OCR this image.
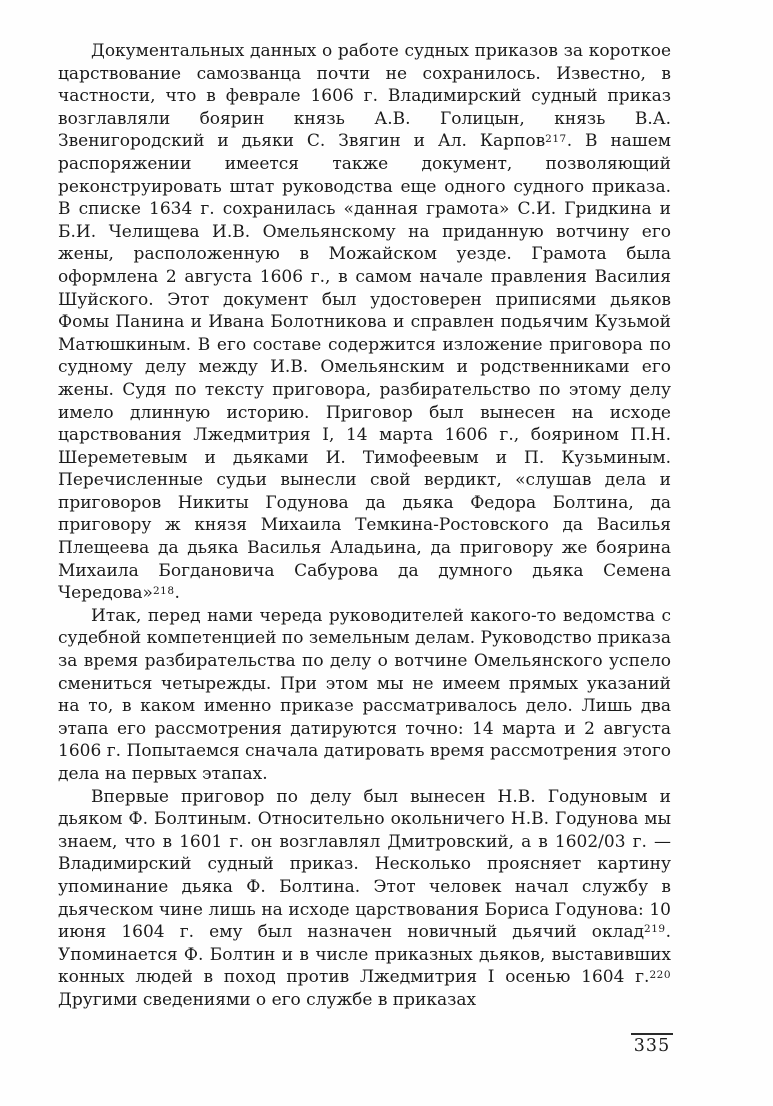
Документальных данных о работе судных приказов за короткое царствование самозванца почти не сохранилось. Известно, в частности, что в феврале 1606 г. Владимирский судный приказ возглавляли боярин князь А.В. Голицын, князь В.А. Звенигородский и дьяки С. Звягин и Ал. Карпов$^{217}$. В нашем распоряжении имеется также документ, позволяющий реконструировать штат руководства еще одного судного приказа. В списке 1634 г. сохранилась «данная грамота» С.И. Гридкина и Б.И. Челищева И.В. Омельянскому на приданную вотчину его жены, расположенную в Можайском уезде. Грамота была оформлена 2 августа 1606 г., в самом начале правления Василия Шуйского. Этот документ был удостоверен приписями дьяков Фомы Панина и Ивана Болотникова и справлен подьячим Кузьмой Матюшкиным. В его составе содержится изложение приговора по судному делу между И.В. Омельянским и родственниками его жены. Судя по тексту приговора, разбирательство по этому делу имело длинную историю. Приговор был вынесен на исходе царствования Лжедмитрия I, 14 марта 1606 г., боярином П.Н. Шереметевым и дьяками И. Тимофеевым и П. Кузьминым. Перечисленные судьи вынесли свой вердикт, «слушав дела и приговоров Никиты Годунова да дьяка Федора Болтина, да приговору ж князя Михаила Темкина-Ростовского да Василья Плещеева да дьяка Василья Аладьина, да приговору же боярина Михаила Богдановича Сабурова да думного дьяка Семена Чередова»$^{218}$.

Итак, перед нами череда руководителей какого-то ведомства с судебной компетенцией по земельным делам. Руководство приказа за время разбирательства по делу о вотчине Омельянского успело смениться четырежды. При этом мы не имеем прямых указаний на то, в каком именно приказе рассматривалось дело. Лишь два этапа его рассмотрения датируются точно: 14 марта и 2 августа 1606 г. Попытаемся сначала датировать время рассмотрения этого дела на первых этапах.

Впервые приговор по делу был вынесен Н.В. Годуновым и дьяком Ф. Болтиным. Относительно окольничего Н.В. Годунова мы знаем, что в 1601 г. он возглавлял Дмитровский, а в 1602/03 г. — Владимирский судный приказ. Несколько проясняет картину упоминание дьяка Ф. Болтина. Этот человек начал службу в дьяческом чине лишь на исходе царствования Бориса Годунова: 10 июня 1604 г. ему был назначен новичный дьячий оклад$^{219}$. Упоминается Ф. Болтин и в числе приказных дьяков, выставивших конных людей в поход против Лжедмитрия I осенью 1604 г.$^{220}$ Другими сведениями о его службе в приказах

335
